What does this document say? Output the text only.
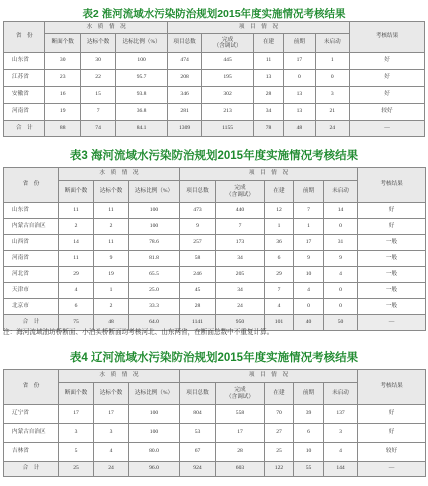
表2 淮河流域水污染防治规划2015年度实施情况考核结果
省　份	水　质　情　况			项　目　情　况					考核结果
	断面个数	达标个数	达标比例（%）	项目总数	完成
（含调试）	在建	前期	未启动	
山东省	30	30	100	474	445	11	17	1	好
江苏省	23	22	95.7	208	195	13	0	0	好
安徽省	16	15	93.8	346	302	28	13	3	好
河南省	19	7	36.8	281	213	34	13	21	较好
合　计	88	74	84.1	1309	1155	78	48	24	—
表3 海河流域水污染防治规划2015年度实施情况考核结果
省　份	水　质　情　况			项　目　情　况					考核结果
	断面个数	达标个数	达标比例（%）	项目总数	完成
（含调试）	在建	前期	未启动	
山东省	11	11	100	473	440	12	7	14	好
内蒙古自治区	2	2	100	9	7	1	1	0	好
山西省	14	11	78.6	257	173	36	17	31	一般
河南省	11	9	81.8	58	34	6	9	9	一般
河北省	29	19	65.5	246	205	29	10	4	一般
天津市	4	1	25.0	45	34	7	4	0	一般
北京市	6	2	33.3	28	24	4	0	0	一般
合　计	75	48	64.0	1141	950	101	40	50	—
注：海河流域油坊桥断面、小泊头桥断面均考核河北、山东两省，在断面总数中不重复计算。
表4 辽河流域水污染防治规划2015年度实施情况考核结果
省　份	水　质　情　况			项　目　情　况					考核结果
	断面个数	达标个数	达标比例（%）	项目总数	完成
（含调试）	在建	前期	未启动	
辽宁省	17	17	100	804	558	70	39	137	好
内蒙古自治区	3	3	100	53	17	27	6	3	好
吉林省	5	4	80.0	67	28	25	10	4	较好
合　计	25	24	96.0	924	603	122	55	144	—
